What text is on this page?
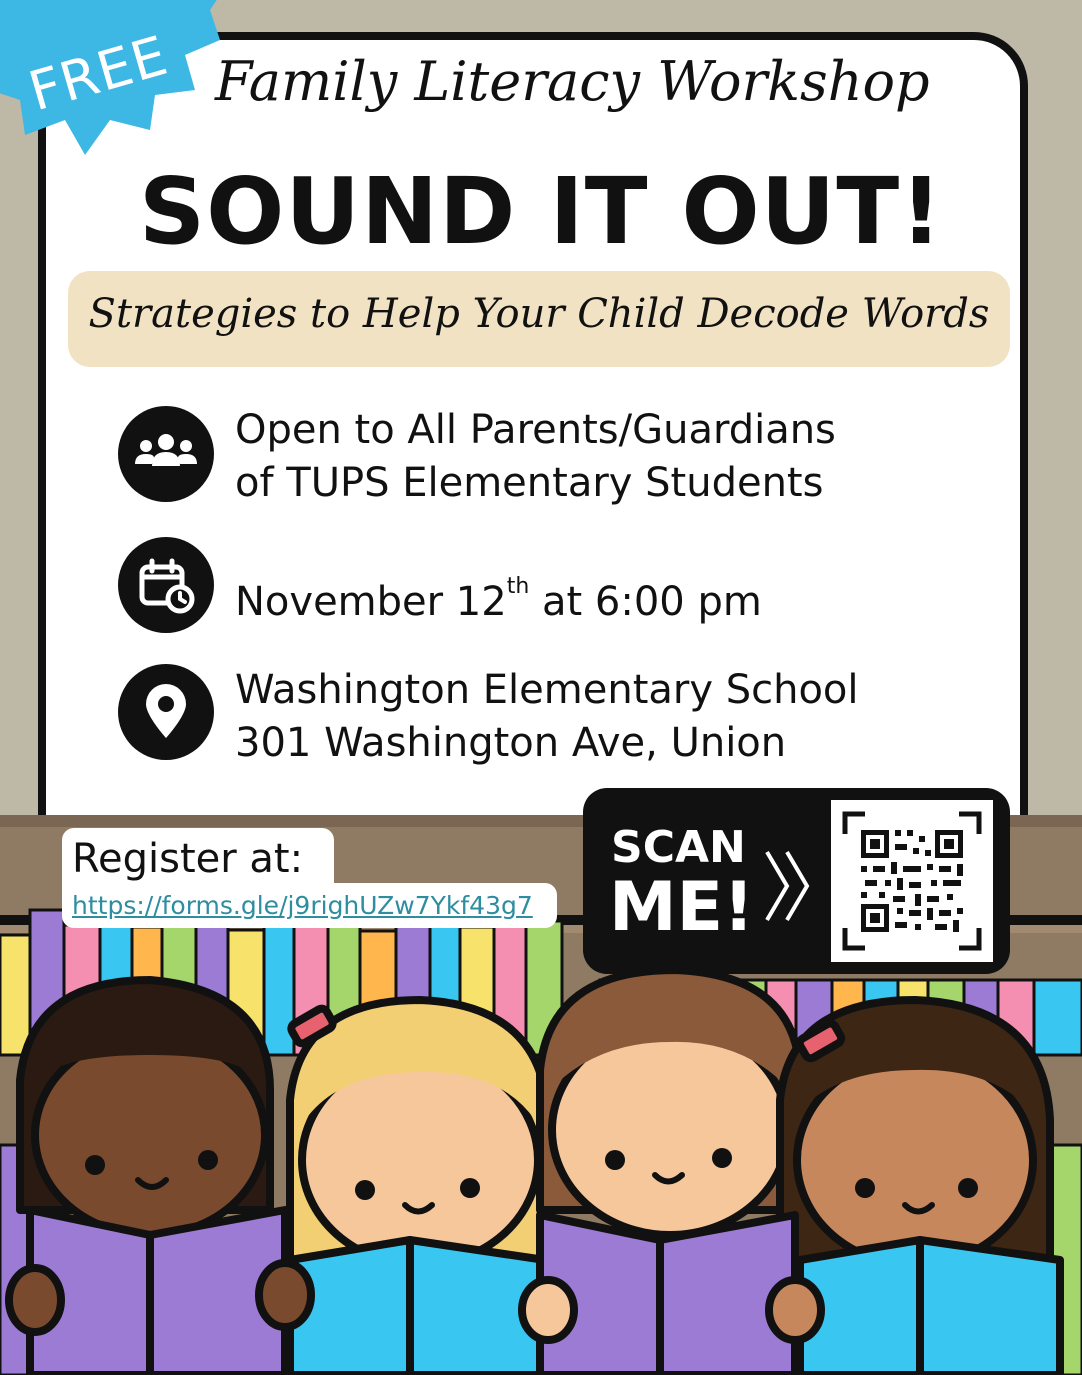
FREE Family Literacy Workshop
SOUND IT OUT!
Strategies to Help Your Child Decode Words
Open to All Parents/Guardians
of TUPS Elementary Students
November 12th at 6:00 pm
Washington Elementary School
301 Washington Ave, Union
Register at:
https://forms.gle/j9righUZw7Ykf43g7
SCAN
ME!
